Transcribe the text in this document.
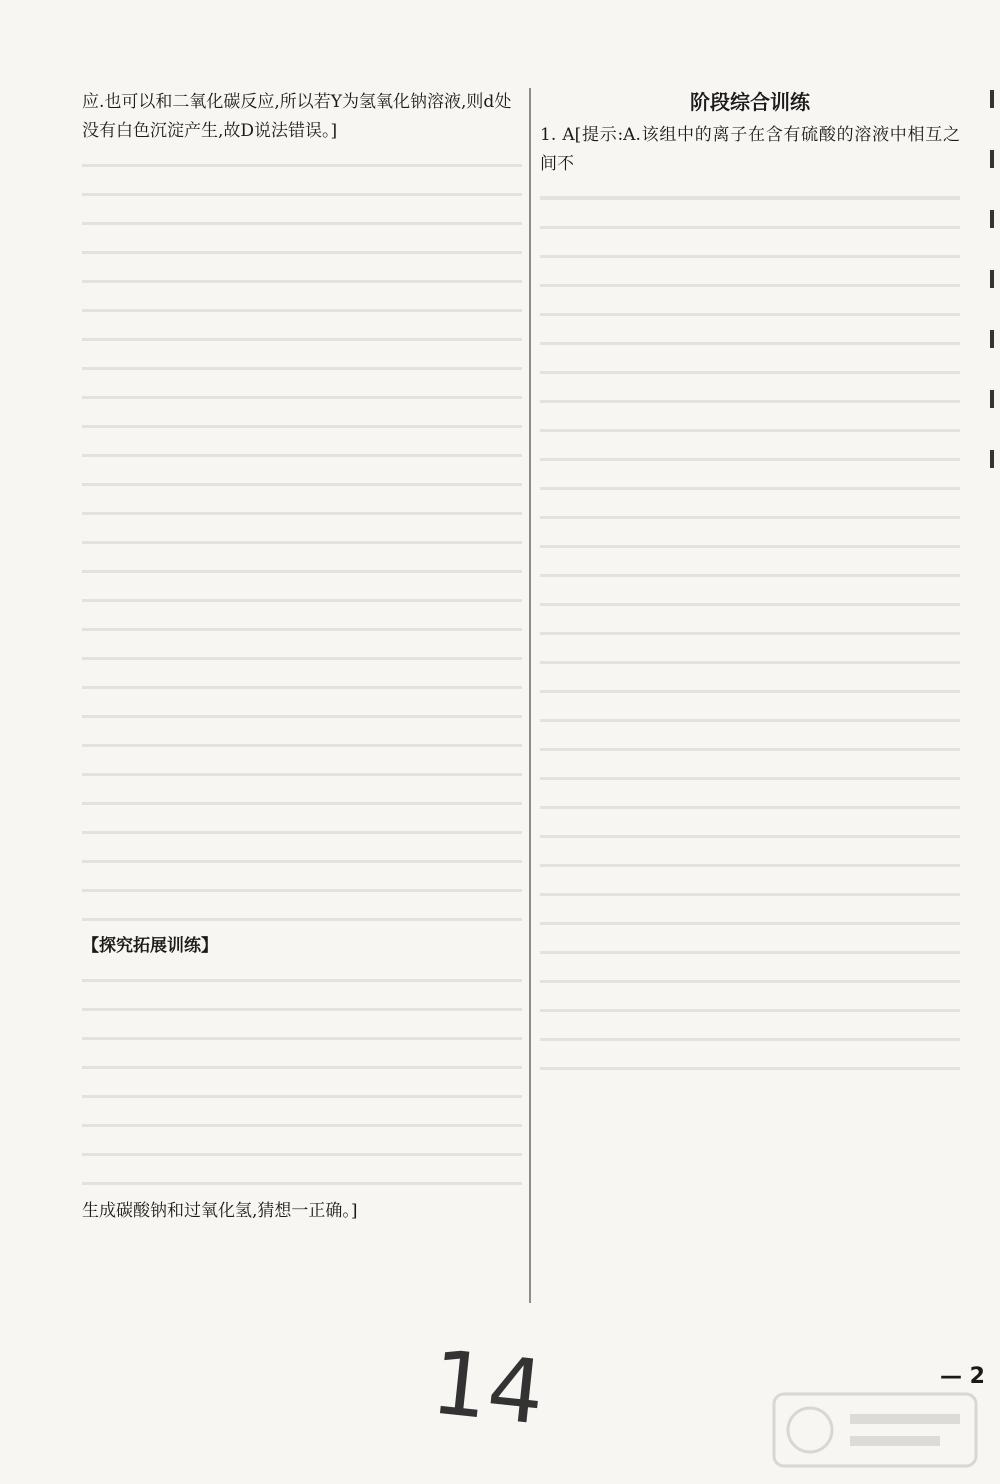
应.也可以和二氧化碳反应,所以若Y为氢氧化钠溶液,则d处

没有白色沉淀产生,故D说法错误。]

【探究拓展训练】

生成碳酸钠和过氧化氢,猜想一正确。]

阶段综合训练

1. A[提示:A.该组中的离子在含有硫酸的溶液中相互之间不

14	— 2
